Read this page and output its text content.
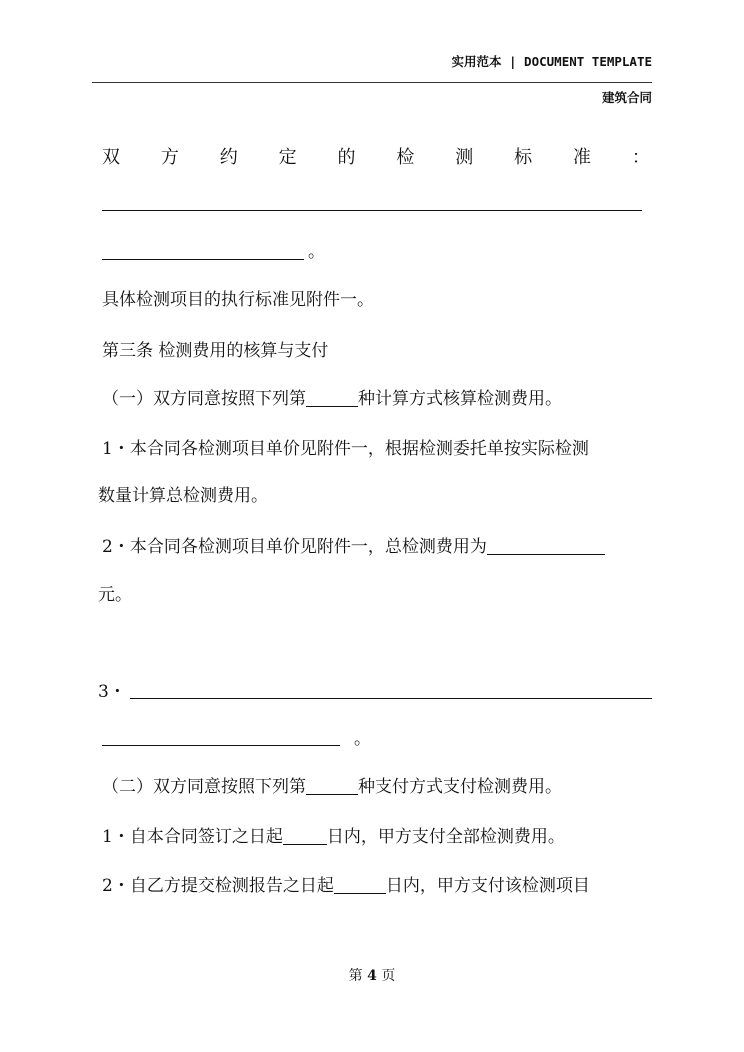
实用范本 | DOCUMENT TEMPLATE
建筑合同
双 方 约 定 的 检 测 标 准 ：
。
具体检测项目的执行标准见附件一。
第三条 检测费用的核算与支付
（一）双方同意按照下列第	种计算方式核算检测费用。
1・本合同各检测项目单价见附件一，根据检测委托单按实际检测
数量计算总检测费用。
2・本合同各检测项目单价见附件一，总检测费用为
元。
3・
。
（二）双方同意按照下列第	种支付方式支付检测费用。
1・自本合同签订之日起	日内，甲方支付全部检测费用。
2・自乙方提交检测报告之日起	日内，甲方支付该检测项目
第 4 页
